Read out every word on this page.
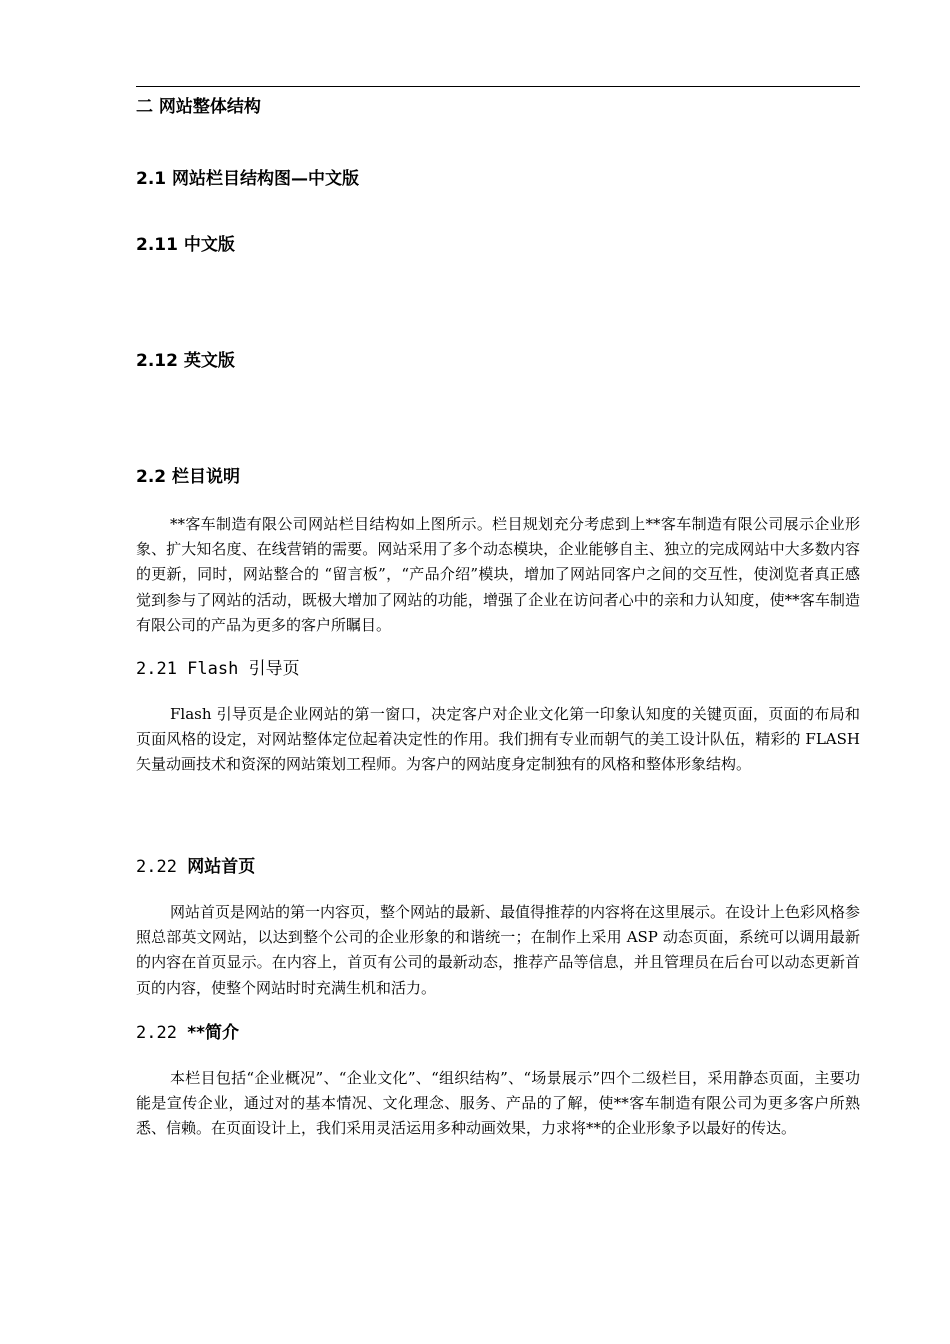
二 网站整体结构
2.1 网站栏目结构图—中文版
2.11 中文版
2.12 英文版
2.2 栏目说明

**客车制造有限公司网站栏目结构如上图所示。栏目规划充分考虑到上**客车制造有限公司展示企业形象、扩大知名度、在线营销的需要。网站采用了多个动态模块，企业能够自主、独立的完成网站中大多数内容的更新，同时，网站整合的 “留言板”，“产品介绍”模块，增加了网站同客户之间的交互性，使浏览者真正感觉到参与了网站的活动，既极大增加了网站的功能，增强了企业在访问者心中的亲和力认知度，使**客车制造有限公司的产品为更多的客户所瞩目。

2.21 Flash 引导页

Flash 引导页是企业网站的第一窗口，决定客户对企业文化第一印象认知度的关键页面，页面的布局和页面风格的设定，对网站整体定位起着决定性的作用。我们拥有专业而朝气的美工设计队伍，精彩的 FLASH 矢量动画技术和资深的网站策划工程师。为客户的网站度身定制独有的风格和整体形象结构。

2.22 网站首页

网站首页是网站的第一内容页，整个网站的最新、最值得推荐的内容将在这里展示。在设计上色彩风格参照总部英文网站，以达到整个公司的企业形象的和谐统一；在制作上采用 ASP 动态页面，系统可以调用最新的内容在首页显示。在内容上，首页有公司的最新动态，推荐产品等信息，并且管理员在后台可以动态更新首页的内容，使整个网站时时充满生机和活力。

2.22 **简介

本栏目包括“企业概况”、“企业文化”、“组织结构”、“场景展示”四个二级栏目，采用静态页面，主要功能是宣传企业，通过对的基本情况、文化理念、服务、产品的了解，使**客车制造有限公司为更多客户所熟悉、信赖。在页面设计上，我们采用灵活运用多种动画效果，力求将**的企业形象予以最好的传达。
